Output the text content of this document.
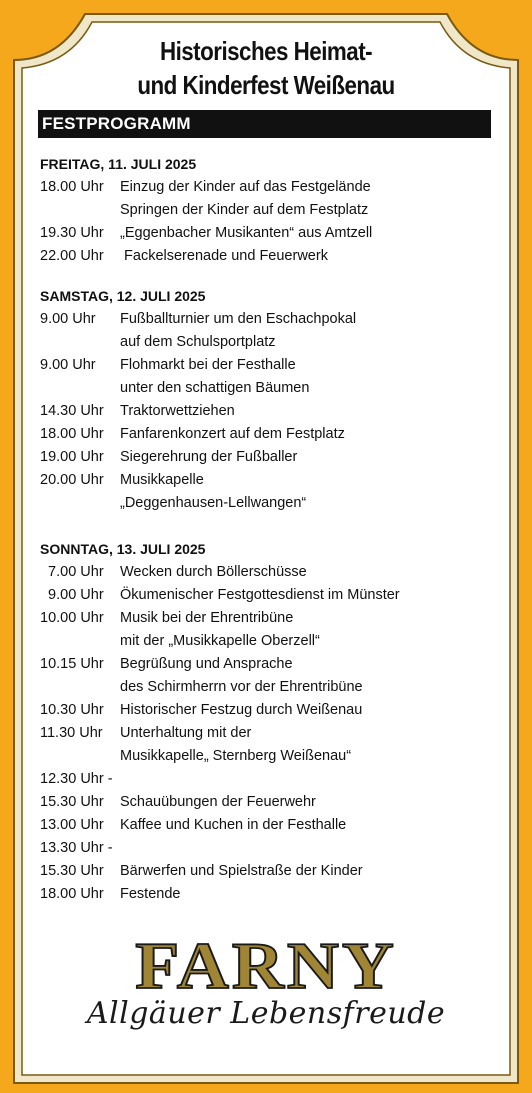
Historisches Heimat-
und Kinderfest Weißenau
FESTPROGRAMM
FREITAG, 11. JULI 2025
18.00 Uhr Einzug der Kinder auf das Festgelände
Springen der Kinder auf dem Festplatz
19.30 Uhr „Eggenbacher Musikanten“ aus Amtzell
22.00 Uhr Fackelserenade und Feuerwerk
SAMSTAG, 12. JULI 2025
9.00 Uhr Fußballturnier um den Eschachpokal
auf dem Schulsportplatz
9.00 Uhr Flohmarkt bei der Festhalle
unter den schattigen Bäumen
14.30 Uhr Traktorwettziehen
18.00 Uhr Fanfarenkonzert auf dem Festplatz
19.00 Uhr Siegerehrung der Fußballer
20.00 Uhr Musikkapelle
„Deggenhausen-Lellwangen“
SONNTAG, 13. JULI 2025
7.00 Uhr Wecken durch Böllerschüsse
9.00 Uhr Ökumenischer Festgottesdienst im Münster
10.00 Uhr Musik bei der Ehrentribüne
mit der „Musikkapelle Oberzell“
10.15 Uhr Begrüßung und Ansprache
des Schirmherrn vor der Ehrentribüne
10.30 Uhr Historischer Festzug durch Weißenau
11.30 Uhr Unterhaltung mit der
Musikkapelle„ Sternberg Weißenau“
12.30 Uhr -
15.30 Uhr Schauübungen der Feuerwehr
13.00 Uhr Kaffee und Kuchen in der Festhalle
13.30 Uhr -
15.30 Uhr Bärwerfen und Spielstraße der Kinder
18.00 Uhr Festende
FARNY
Allgäuer Lebensfreude
